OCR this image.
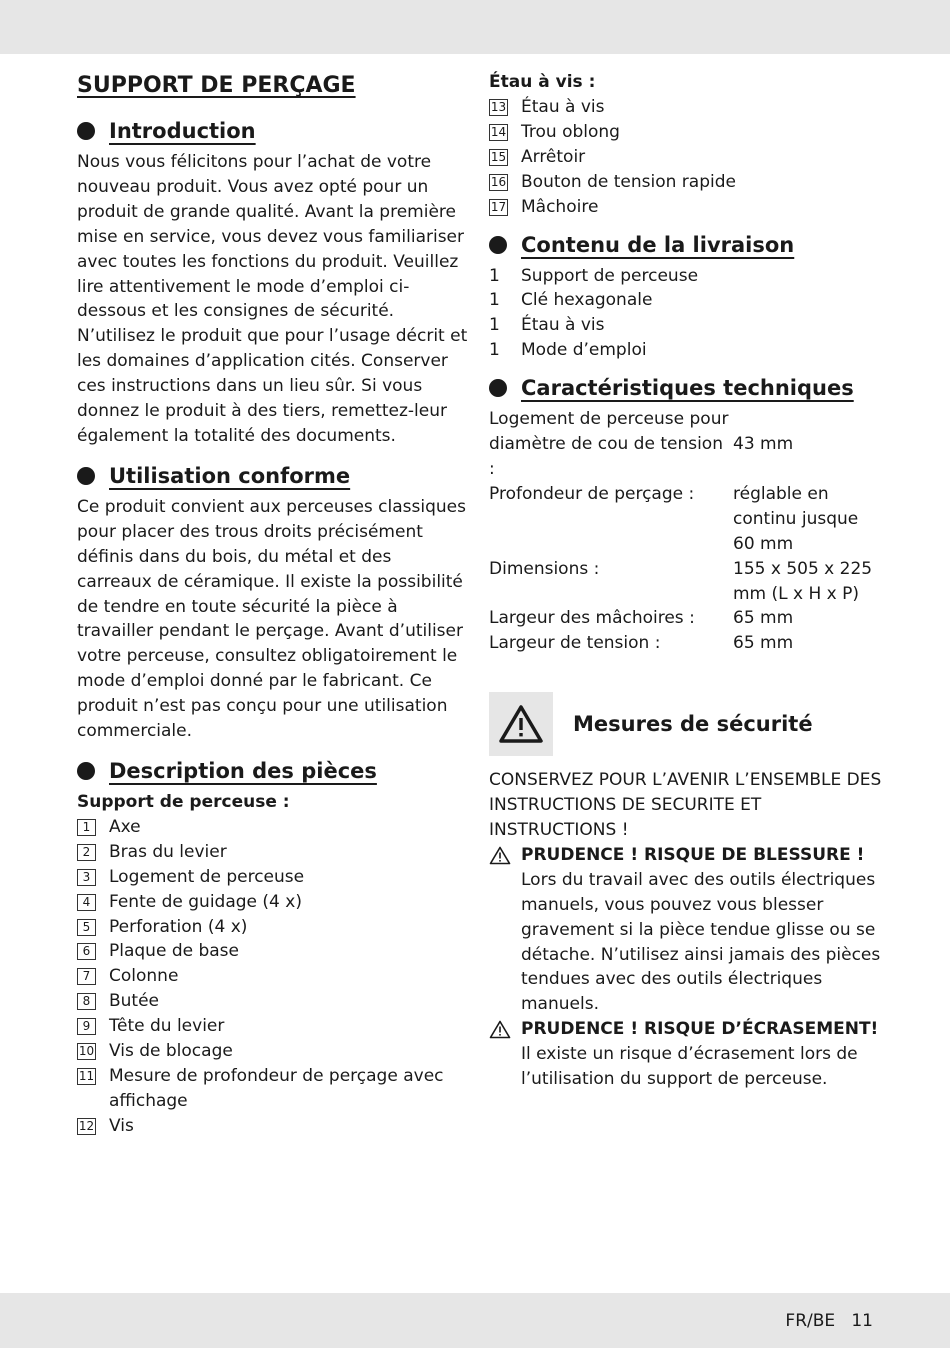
SUPPORT DE PERÇAGE
Introduction

Nous vous félicitons pour l’achat de votre nouveau produit. Vous avez opté pour un produit de grande qualité. Avant la première mise en service, vous devez vous familiariser avec toutes les fonctions du produit. Veuillez lire attentivement le mode d’emploi ci-dessous et les consignes de sécurité. N’utilisez le produit que pour l’usage décrit et les domaines d’application cités. Conserver ces instructions dans un lieu sûr. Si vous donnez le produit à des tiers, remettez-leur également la totalité des documents.

Utilisation conforme

Ce produit convient aux perceuses classiques pour placer des trous droits précisément définis dans du bois, du métal et des carreaux de céramique. Il existe la possibilité de tendre en toute sécurité la pièce à travailler pendant le perçage. Avant d’utiliser votre perceuse, consultez obligatoirement le mode d’emploi donné par le fabricant. Ce produit n’est pas conçu pour une utilisation commerciale.

Description des pièces
Support de perceuse :
1	Axe
2	Bras du levier
3	Logement de perceuse
4	Fente de guidage (4 x)
5	Perforation (4 x)
6	Plaque de base
7	Colonne
8	Butée
9	Tête du levier
10 Vis de blocage
11 Mesure de profondeur de perçage avec affichage
12 Vis
Étau à vis :
13 Étau à vis
14 Trou oblong
15 Arrêtoir
16 Bouton de tension rapide
17 Mâchoire
Contenu de la livraison
1	Support de perceuse
1	Clé hexagonale
1	Étau à vis
1	Mode d’emploi
Caractéristiques techniques
Logement de perceuse pour diamètre de cou de tension :	43 mm
Profondeur de perçage :	réglable en continu jusque 60 mm
Dimensions :	155 x 505 x 225 mm (L x H x P)
Largeur des mâchoires :	65 mm
Largeur de tension :	65 mm
Mesures de sécurité

CONSERVEZ POUR L’AVENIR L’ENSEMBLE DES INSTRUCTIONS DE SECURITE ET INSTRUCTIONS !

PRUDENCE ! RISQUE DE BLESSURE !
Lors du travail avec des outils électriques manuels, vous pouvez vous blesser gravement si la pièce tendue glisse ou se détache. N’utilisez ainsi jamais des pièces tendues avec des outils électriques manuels.
PRUDENCE ! RISQUE D’ÉCRASEMENT!
Il existe un risque d’écrasement lors de l’utilisation du support de perceuse.
FR/BE   11
